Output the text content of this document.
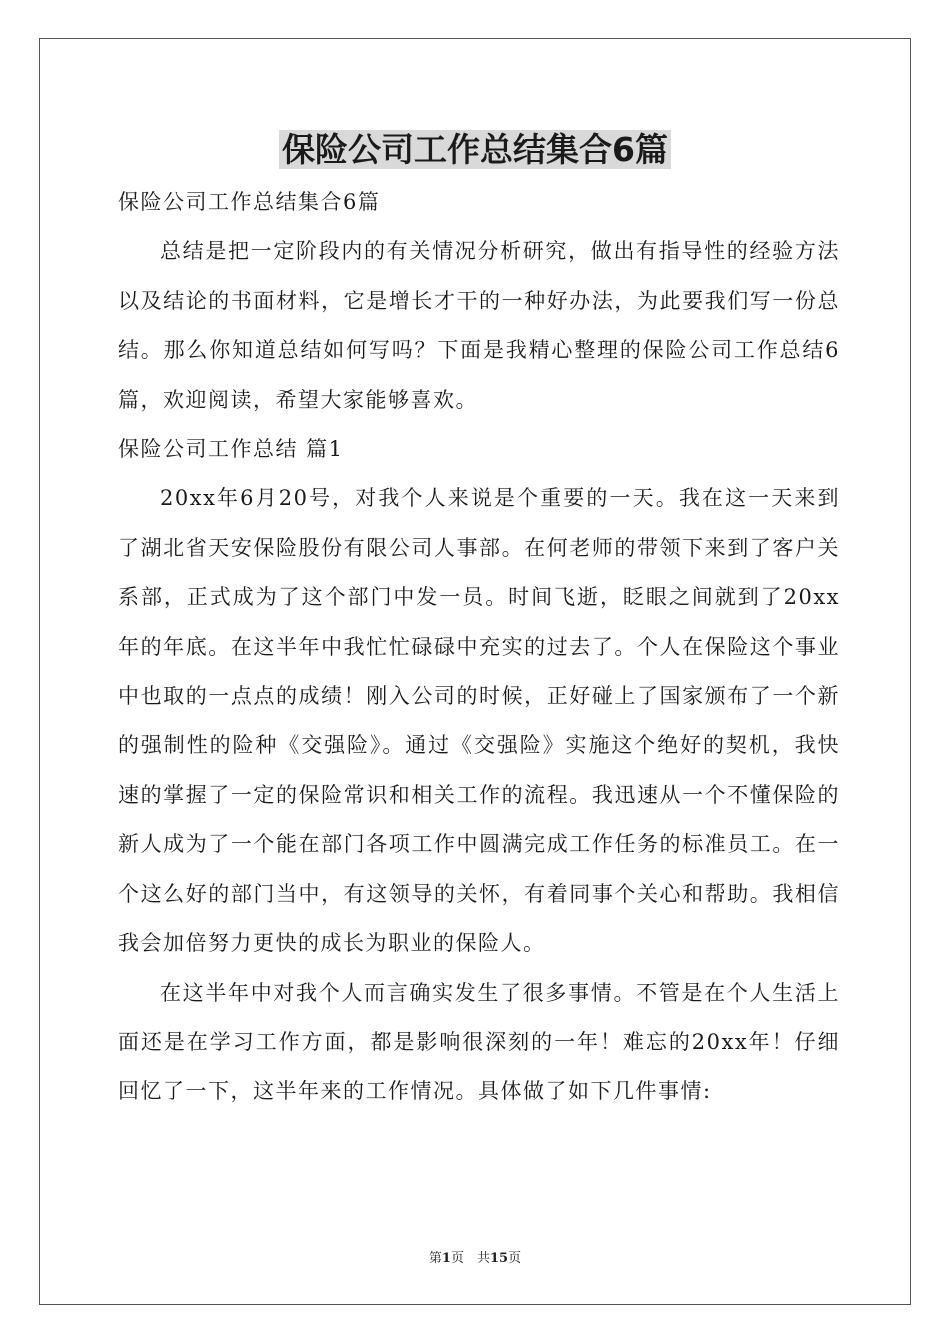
保险公司工作总结集合6篇

保险公司工作总结集合6篇

总结是把一定阶段内的有关情况分析研究，做出有指导性的经验方法以及结论的书面材料，它是增长才干的一种好办法，为此要我们写一份总结。那么你知道总结如何写吗？下面是我精心整理的保险公司工作总结6篇，欢迎阅读，希望大家能够喜欢。

保险公司工作总结 篇1

20xx年6月20号，对我个人来说是个重要的一天。我在这一天来到了湖北省天安保险股份有限公司人事部。在何老师的带领下来到了客户关系部，正式成为了这个部门中发一员。时间飞逝，眨眼之间就到了20xx年的年底。在这半年中我忙忙碌碌中充实的过去了。个人在保险这个事业中也取的一点点的成绩！刚入公司的时候，正好碰上了国家颁布了一个新的强制性的险种《交强险》。通过《交强险》实施这个绝好的契机，我快速的掌握了一定的保险常识和相关工作的流程。我迅速从一个不懂保险的新人成为了一个能在部门各项工作中圆满完成工作任务的标准员工。在一个这么好的部门当中，有这领导的关怀，有着同事个关心和帮助。我相信我会加倍努力更快的成长为职业的保险人。

在这半年中对我个人而言确实发生了很多事情。不管是在个人生活上面还是在学习工作方面，都是影响很深刻的一年！难忘的20xx年！仔细回忆了一下，这半年来的工作情况。具体做了如下几件事情:

第1页　共15页
